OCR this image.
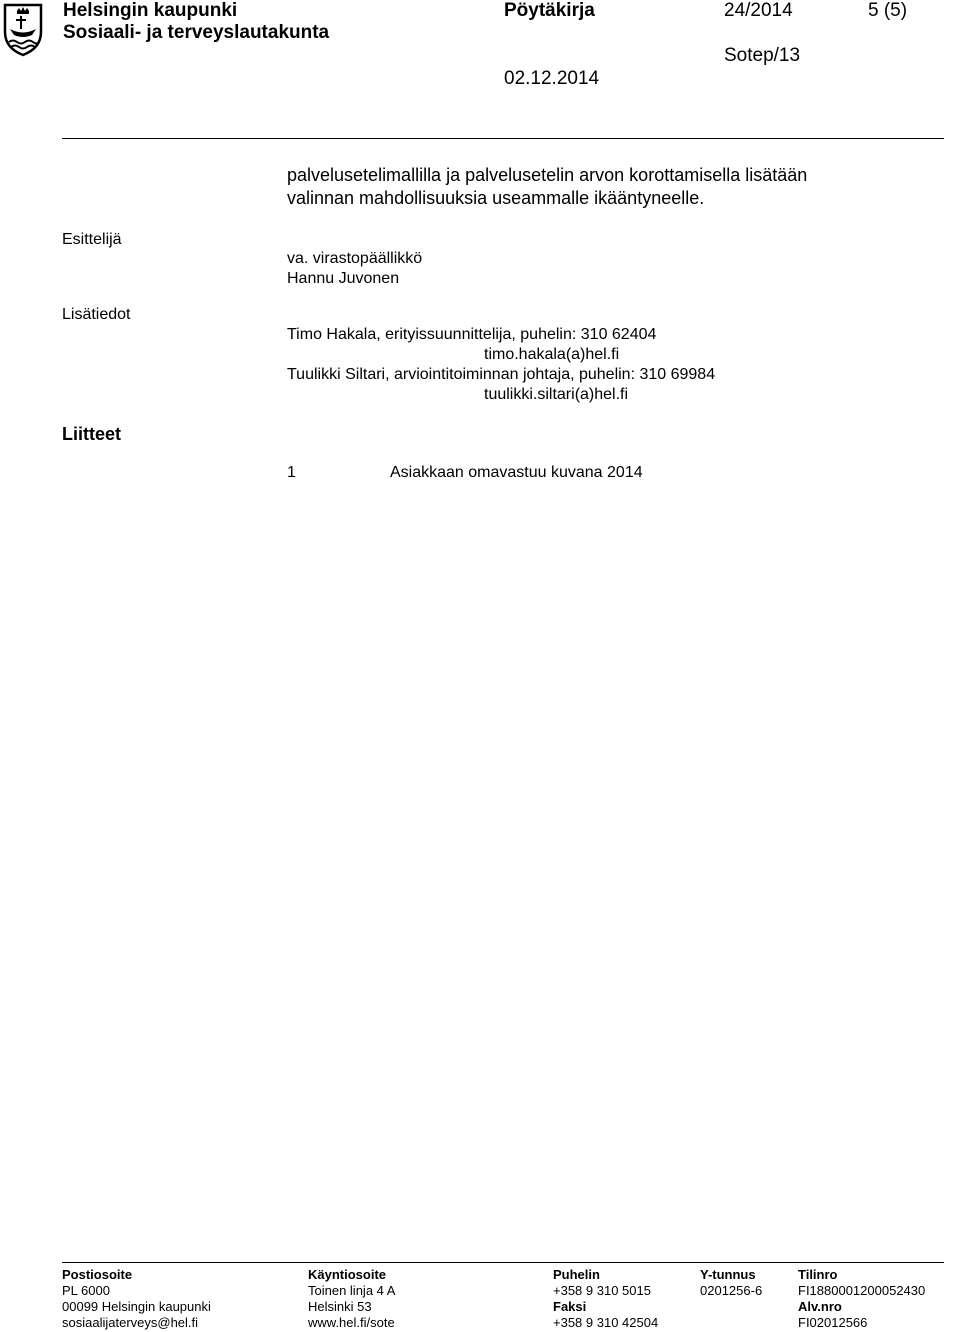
Helsingin kaupunki
Sosiaali- ja terveyslautakunta
Pöytäkirja	24/2014	5 (5)
Sotep/13
02.12.2014
palvelusetelimallilla ja palvelusetelin arvon korottamisella lisätään
valinnan mahdollisuuksia useammalle ikääntyneelle.
Esittelijä
va. virastopäällikkö
Hannu Juvonen
Lisätiedot
Timo Hakala, erityissuunnittelija, puhelin: 310 62404
timo.hakala(a)hel.fi
Tuulikki Siltari, arviointitoiminnan johtaja, puhelin: 310 69984
tuulikki.siltari(a)hel.fi
Liitteet
1	Asiakkaan omavastuu kuvana 2014
Postiosoite
PL 6000
00099 Helsingin kaupunki
sosiaalijaterveys@hel.fi
Käyntiosoite
Toinen linja 4 A
Helsinki 53
www.hel.fi/sote
Puhelin
+358 9 310 5015
Faksi
+358 9 310 42504
Y-tunnus
0201256-6
Tilinro
FI1880001200052430
Alv.nro
FI02012566
